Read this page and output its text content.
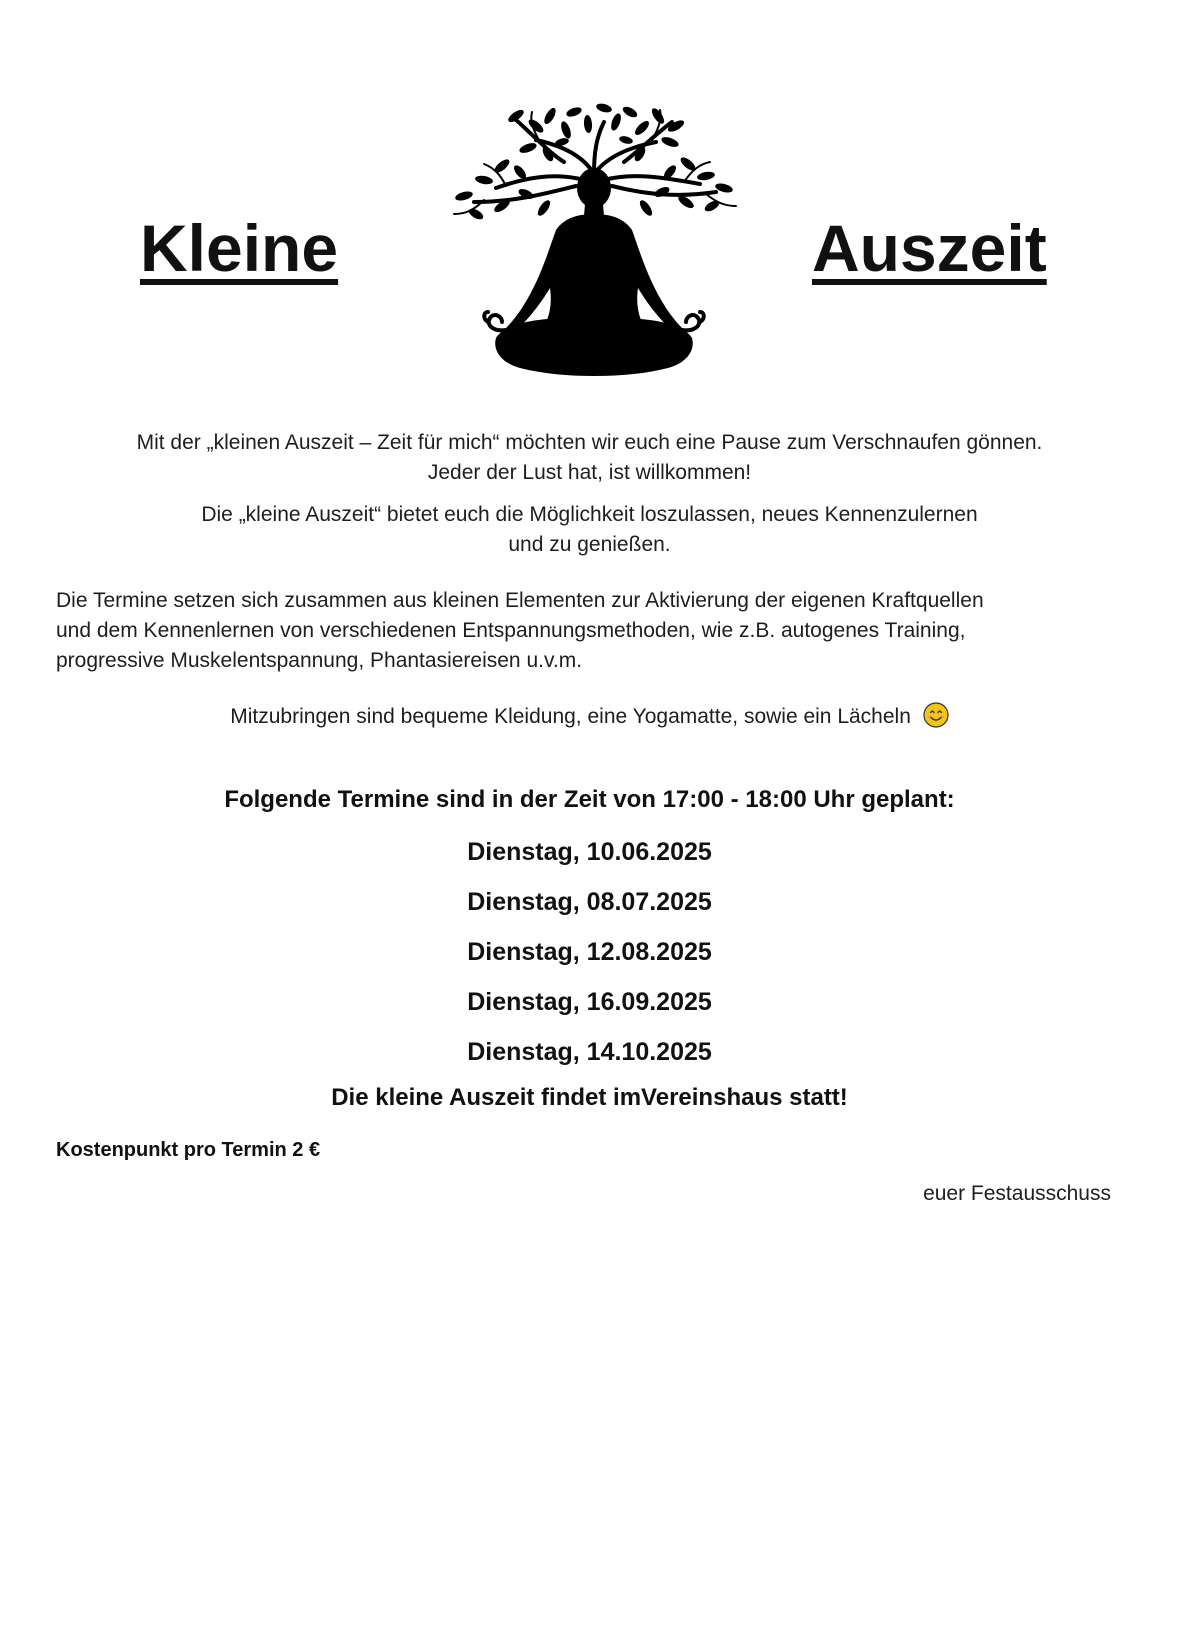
Kleine	Auszeit

Mit der „kleinen Auszeit – Zeit für mich“ möchten wir euch eine Pause zum Verschnaufen gönnen.
Jeder der Lust hat, ist willkommen!

Die „kleine Auszeit“ bietet euch die Möglichkeit loszulassen, neues Kennenzulernen
und zu genießen.

Die Termine setzen sich zusammen aus kleinen Elementen zur Aktivierung der eigenen Kraftquellen
und dem Kennenlernen von verschiedenen Entspannungsmethoden, wie z.B. autogenes Training,
progressive Muskelentspannung, Phantasiereisen u.v.m.

Mitzubringen sind bequeme Kleidung, eine Yogamatte, sowie ein Lächeln

Folgende Termine sind in der Zeit von 17:00 - 18:00 Uhr geplant:
Dienstag, 10.06.2025
Dienstag, 08.07.2025
Dienstag, 12.08.2025
Dienstag, 16.09.2025
Dienstag, 14.10.2025
Die kleine Auszeit findet imVereinshaus statt!

Kostenpunkt pro Termin 2 €

euer Festausschuss
